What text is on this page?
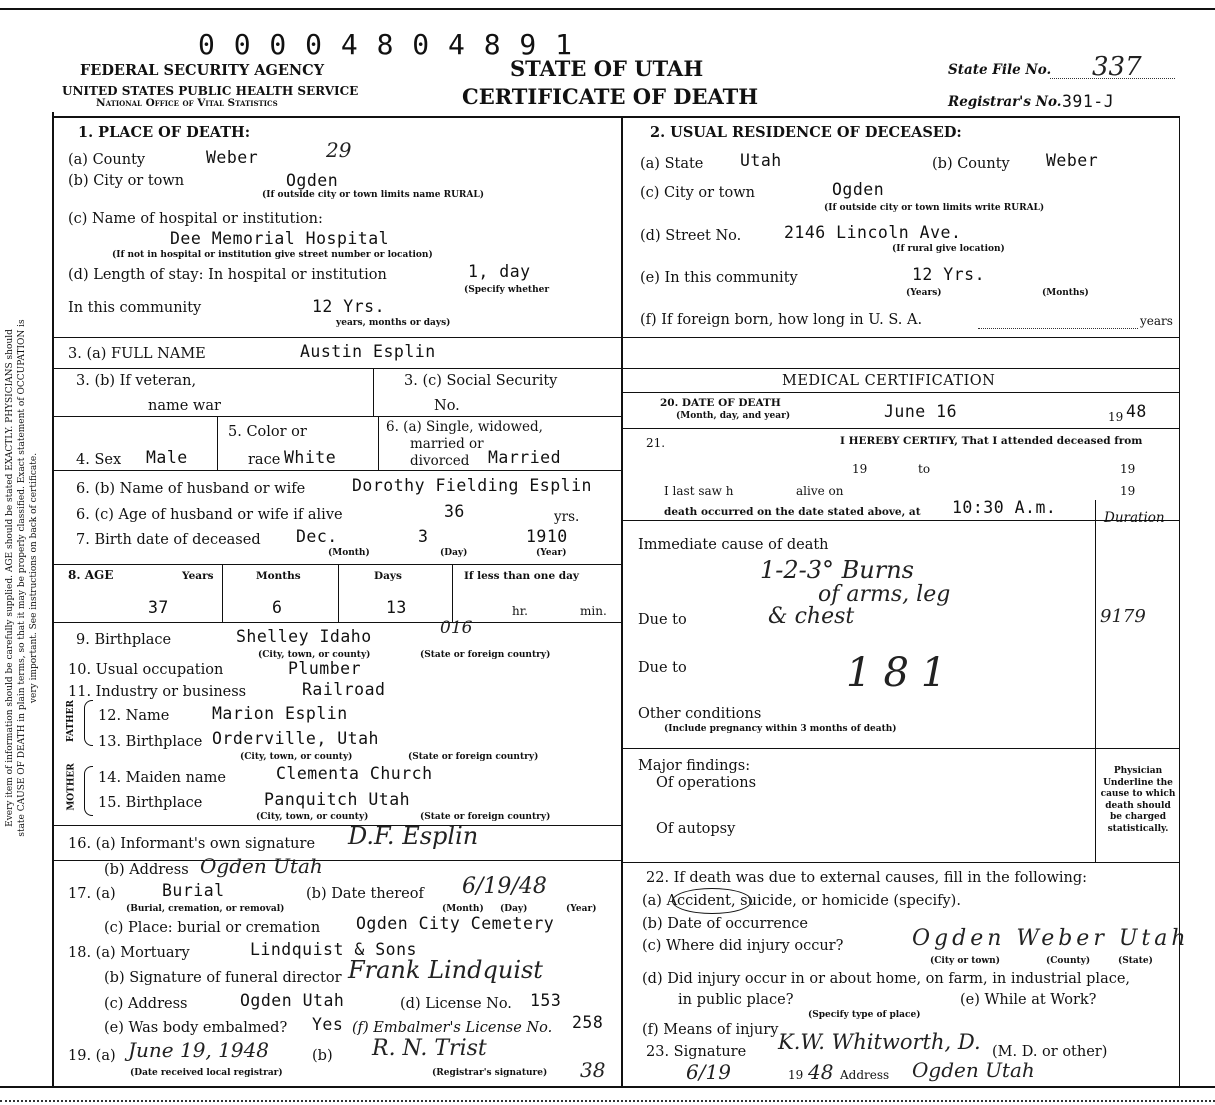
Every item of information should be carefully supplied. AGE should be stated EXACTLY. PHYSICIANS should state CAUSE OF DEATH in plain terms, so that it may be properly classified. Exact statement of OCCUPATION is very important. See instructions on back of certificate.
0 0 0 0 4 8 0 4 8 9 1
FEDERAL SECURITY AGENCY
UNITED STATES PUBLIC HEALTH SERVICE
National Office of Vital Statistics
STATE OF UTAH
CERTIFICATE OF DEATH
State File No. 337
Registrar's No. 391-J
1. PLACE OF DEATH:
(a) County	Weber	29
(b) City or town	Ogden
(If outside city or town limits name RURAL)
(c) Name of hospital or institution:
Dee Memorial Hospital
(If not in hospital or institution give street number or location)
(d) Length of stay: In hospital or institution	1, day
(Specify whether
In this community	12 Yrs.
years, months or days)
2. USUAL RESIDENCE OF DECEASED:
(a) State Utah	(b) County Weber
(c) City or town	Ogden
(If outside city or town limits write RURAL)
(d) Street No.	2146 Lincoln Ave.
(If rural give location)
(e) In this community	12 Yrs.
(Years)	(Months)
(f) If foreign born, how long in U. S. A.	years
3. (a) FULL NAME	Austin Esplin
3. (b) If veteran,
name war
3. (c) Social Security
No.
4. Sex Male
5. Color or
race White
6. (a) Single, widowed,
married or
divorced Married
6. (b) Name of husband or wife	Dorothy Fielding Esplin
6. (c) Age of husband or wife if alive	36	yrs.
7. Birth date of deceased Dec.	3	1910
(Month)	(Day)	(Year)
8. AGE	Years	Months	Days	If less than one day
37	6	13	hr.	min.
9. Birthplace	Shelley Idaho	016
(City, town, or county)	(State or foreign country)
10. Usual occupation	Plumber
11. Industry or business	Railroad
FATHER 12. Name	Marion Esplin
13. Birthplace Orderville, Utah
(City, town, or county)	(State or foreign country)
MOTHER 14. Maiden name	Clementa Church
15. Birthplace	Panquitch Utah
(City, town, or county)	(State or foreign country)
16. (a) Informant's own signature D.F. Esplin
(b) Address Ogden Utah
17. (a)	Burial
(Burial, cremation, or removal)
(b) Date thereof 6/19/48
(Month) (Day)	(Year)
(c) Place: burial or cremation Ogden City Cemetery
18. (a) Mortuary	Lindquist & Sons
(b) Signature of funeral director Frank Lindquist
(c) Address	Ogden Utah	(d) License No. 153
(e) Was body embalmed? Yes (f) Embalmer's License No. 258
19. (a) June 19, 1948
(Date received local registrar)
(b) R. N. Trist
(Registrar's signature) 38
MEDICAL CERTIFICATION
20. DATE OF DEATH
(Month, day, and year)	June 16	19 48
21.	I HEREBY CERTIFY, That I attended deceased from
19	to	19
I last saw h	alive on	19
death occurred on the date stated above, at 10:30 A.m.
Duration
Immediate cause of death
1-2-3° Burns
of arms, leg
Due to	& chest	9179
Due to	181
Other conditions
(Include pregnancy within 3 months of death)
Major findings:
Of operations
Of autopsy
Physician Underline the cause to which death should be charged statistically.
22. If death was due to external causes, fill in the following:
(a) Accident, suicide, or homicide (specify).
(b) Date of occurrence
(c) Where did injury occur?	Ogden Weber Utah
(City or town)	(County)	(State)
(d) Did injury occur in or about home, on farm, in industrial place,
in public place?
(Specify type of place)
(e) While at Work?
(f) Means of injury
23. Signature K.W. Whitworth, D. (M. D. or other)
6/19	19 48 Address Ogden Utah
